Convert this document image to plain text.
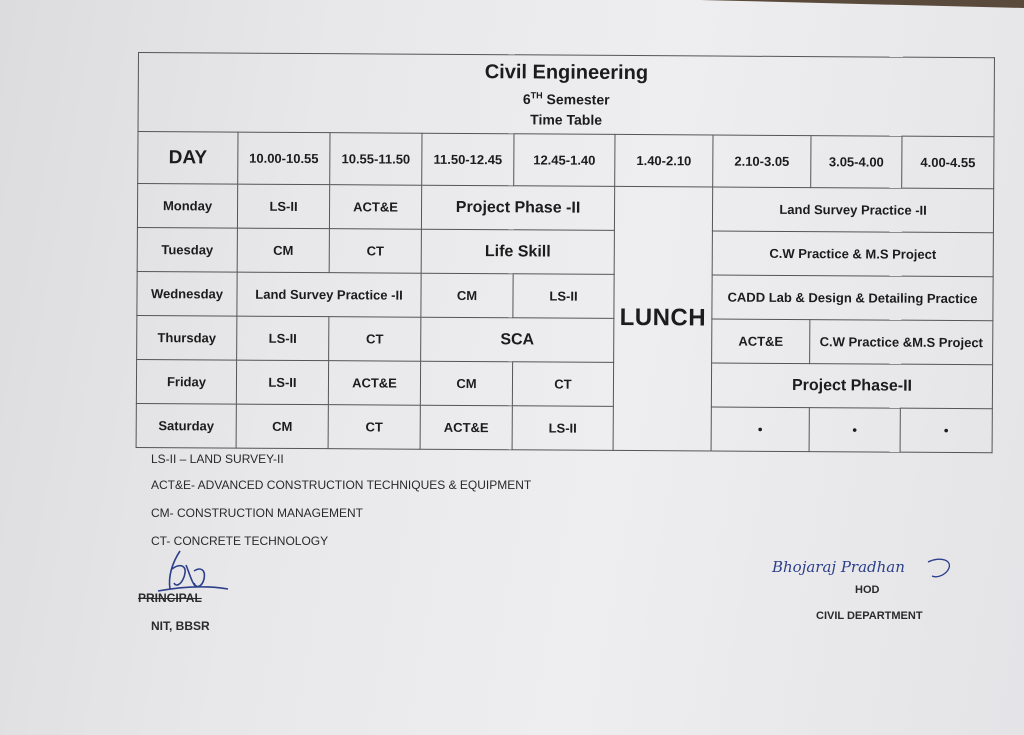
Civil Engineering
6TH Semester
Time Table								

DAY	10.00-10.55	10.55-11.50	11.50-12.45	12.45-1.40	1.40-2.10	2.10-3.05	3.05-4.00	4.00-4.55
Monday	LS-II	ACT&E	Project Phase -II		LUNCH	Land Survey Practice -II		
Tuesday	CM	CT	Life Skill			C.W Practice & M.S Project		
Wednesday	Land Survey Practice -II		CM	LS-II		CADD Lab & Design & Detailing Practice		
Thursday	LS-II	CT	SCA			ACT&E	C.W Practice &M.S Project	
Friday	LS-II	ACT&E	CM	CT		Project Phase-II		
Saturday	CM	CT	ACT&E	LS-II		•	•	•
LS-II – LAND SURVEY-II
ACT&E- ADVANCED CONSTRUCTION TECHNIQUES & EQUIPMENT
CM- CONSTRUCTION MANAGEMENT
CT- CONCRETE TECHNOLOGY
PRINCIPAL
NIT, BBSR
Bhojaraj Pradhan
HOD
CIVIL DEPARTMENT
